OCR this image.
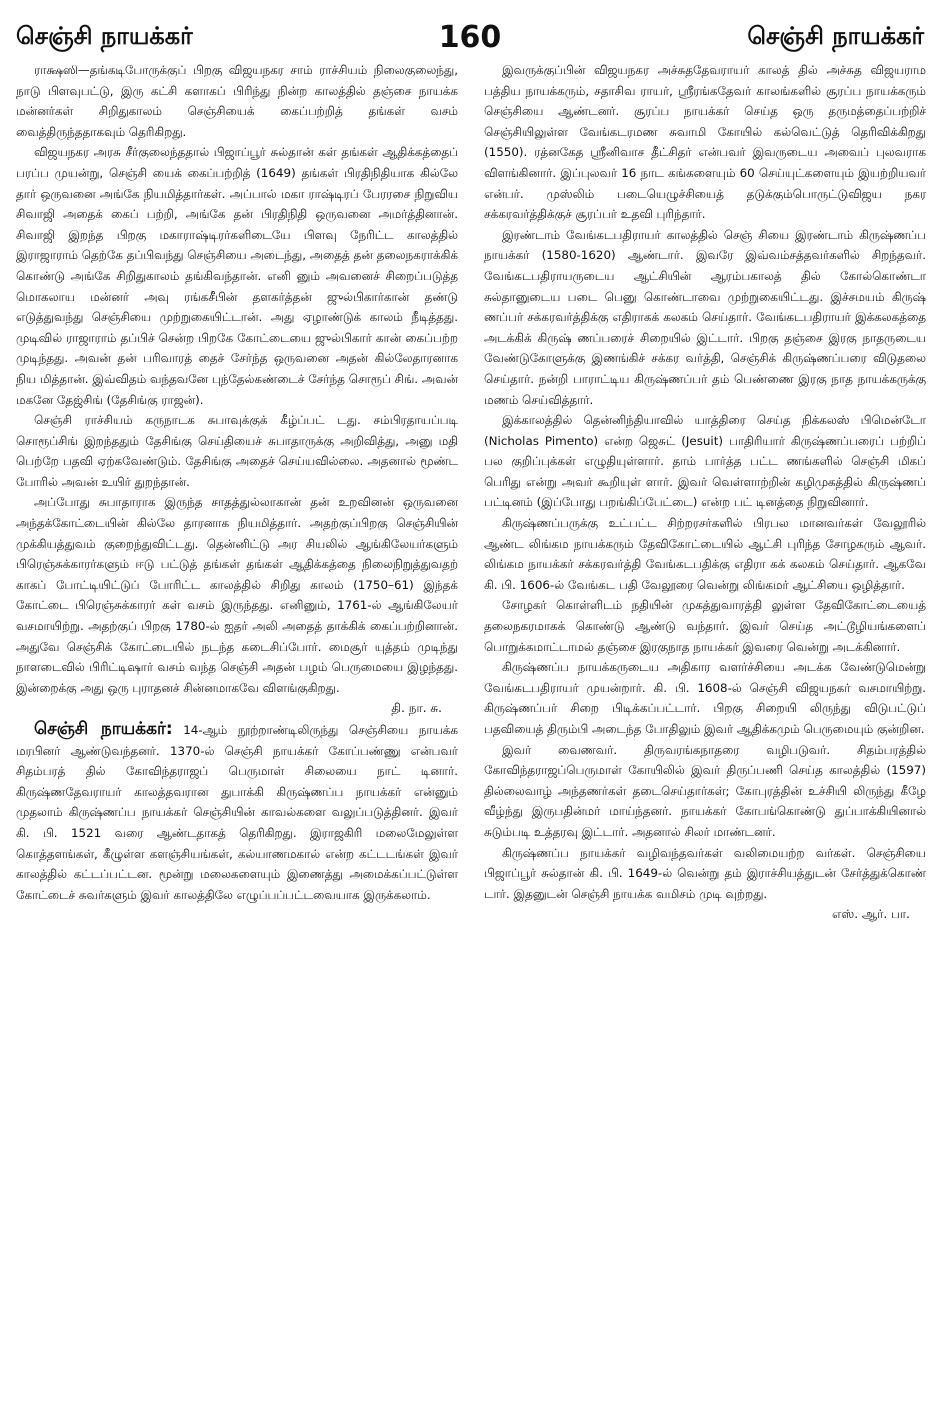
செஞ்சி நாயக்கர்	160	செஞ்சி நாயக்கர்

ராக்ஷஸி—தங்கடிபோருக்குப் பிறகு விஜயநகர சாம் ராச்சியம் நிலைகுலைந்து, நாடு பிளவுபட்டு, இரு கட்சி களாகப் பிரிந்து நின்ற காலத்தில் தஞ்சை நாயக்க மன்னர்கள் சிறிதுகாலம் செஞ்சியைக் கைப்பற்றித் தங்கள் வசம் வைத்திருந்ததாகவும் தெரிகிறது.

விஜயநகர அரசு சீர்குலைந்ததால் பிஜாப்பூர் சுல்தான் கள் தங்கள் ஆதிக்கத்தைப் பரப்ப முயன்று, செஞ்சி யைக் கைப்பற்றித் (1649) தங்கள் பிரதிநிதியாக கில்லே தார் ஒருவனை அங்கே நியமித்தார்கள். அப்பால் மகா ராஷ்டிரப் பேரரசை நிறுவிய சிவாஜி அதைக் கைப் பற்றி, அங்கே தன் பிரதிநிதி ஒருவனை அமர்த்தினான். சிவாஜி இறந்த பிறகு மகாராஷ்டிரர்களிடையே பிளவு நேரிட்ட காலத்தில் இராஜாராம் தெற்கே தப்பிவந்து செஞ்சியை அடைந்து, அதைத் தன் தலைநகராக்கிக் கொண்டு அங்கே சிறிதுகாலம் தங்கிவந்தான். எனி னும் அவனைச் சிறைப்படுத்த மொகலாய மன்னர் அவு ரங்கசீபின் தளகர்த்தன் ஜுல்பிகார்கான் தண்டு எடுத்துவந்து செஞ்சியை முற்றுகையிட்டான். அது ஏழாண்டுக் காலம் நீடித்தது. முடிவில் ராஜாராம் தப்பிச் சென்ற பிறகே கோட்டையை ஜுல்பிகார் கான் கைப்பற்ற முடிந்தது. அவன் தன் பரிவாரத் தைச் சேர்ந்த ஒருவனை அதன் கில்லேதாரனாக நிய மித்தான். இவ்விதம் வந்தவனே புந்தேல்கண்டைச் சேர்ந்த சொரூப் சிங். அவன் மகனே தேஜ்சிங் (தேசிங்கு ராஜன்).

செஞ்சி ராச்சியம் கருநாடக சுபாவுக்குக் கீழ்ப்பட் டது. சம்பிரதாயப்படி சொரூப்சிங் இறந்ததும் தேசிங்கு செய்தியைச் சுபாதாருக்கு அறிவித்து, அனு மதி பெற்றே பதவி ஏற்கவேண்டும். தேசிங்கு அதைச் செய்யவில்லை. அதனால் மூண்ட போரில் அவன் உயிர் துறந்தான்.

அப்போது சுபாதாராக இருந்த சாதத்துல்லாகான் தன் உறவினன் ஒருவனை அந்தக்கோட்டையின் கில்லே தாரனாக நியமித்தார். அதற்குப்பிறகு செஞ்சியின் முக்கியத்துவம் குறைந்துவிட்டது. தென்னிட்டு அர சியலில் ஆங்கிலேயர்களும் பிரெஞ்சுக்காரர்களும் ஈடு பட்டுத் தங்கள் தங்கள் ஆதிக்கத்தை நிலைநிறுத்துவதற் காகப் போட்டியிட்டுப் போரிட்ட காலத்தில் சிறிது காலம் (1750–61) இந்தக் கோட்டை பிரெஞ்சுக்காரர் கள் வசம் இருந்தது. எனினும், 1761-ல் ஆங்கிலேயர் வசமாயிற்று. அதற்குப் பிறகு 1780-ல் ஐதர் அலி அதைத் தாக்கிக் கைப்பற்றினான். அதுவே செஞ்சிக் கோட்டையில் நடந்த கடைசிப்போர். மைசூர் யுத்தம் முடிந்து நாளடைவில் பிரிட்டிஷார் வசம் வந்த செஞ்சி அதன் பழம் பெருமையை இழந்தது. இன்றைக்கு அது ஒரு புராதனச் சின்னமாகவே விளங்குகிறது.

தி. நா. சு.

செஞ்சி நாயக்கர்: 14-ஆம் நூற்றாண்டிலிருந்து செஞ்சியை நாயக்க மரபினர் ஆண்டுவந்தனர். 1370-ல் செஞ்சி நாயக்கர் கோப்பண்ணு என்பவர் சிதம்பரத் தில் கோவிந்தராஜப் பெருமாள் சிலையை நாட் டினார். கிருஷ்ணதேவராயர் காலத்தவரான துபாக்கி கிருஷ்ணப்ப நாயக்கர் என்னும் முதலாம் கிருஷ்ணப்ப நாயக்கர் செஞ்சியின் காவல்களை வலுப்படுத்தினர். இவர் கி. பி. 1521 வரை ஆண்டதாகத் தெரிகிறது. இராஜகிரி மலைமேலுள்ள கொத்தளங்கள், கீழுள்ள களஞ்சியங்கள், கல்யாணமகால் என்ற கட்டடங்கள் இவர் காலத்தில் கட்டப்பட்டன. மூன்று மலைகளையும் இணைத்து அமைக்கப்பட்டுள்ள கோட்டைச் சுவர்களும் இவர் காலத்திலே எழுப்பப்பட்டவையாக இருக்கலாம்.

இவருக்குப்பின் விஜயநகர அச்சுததேவராயர் காலத் தில் அச்சுத விஜயராம பத்திய நாயக்கரும், சதாசிவ ராயர், ஸ்ரீரங்கதேவர் காலங்களில் சூரப்ப நாயக்கரும் செஞ்சியை ஆண்டனர். சூரப்ப நாயக்கர் செய்த ஒரு தருமத்தைப்பற்றிச் செஞ்சியிலுள்ள வேங்கடரமண சுவாமி கோயில் கல்வெட்டுத் தெரிவிக்கிறது (1550). ரத்னகேத ஸ்ரீனிவாச தீட்சிதர் என்பவர் இவருடைய அவைப் புலவராக விளங்கினார். இப்புலவர் 16 நாட கங்களையும் 60 செய்யுட்களையும் இயற்றியவர் என்பர். முஸ்லிம் படையெழுச்சியைத் தடுக்கும்பொருட்டுவிஜய நகர சக்கரவர்த்திக்குச் சூரப்பர் உதவி புரிந்தார்.

இரண்டாம் வேங்கடபதிராயர் காலத்தில் செஞ் சியை இரண்டாம் கிருஷ்ணப்ப நாயக்கர் (1580-1620) ஆண்டார். இவரே இவ்வம்சத்தவர்களில் சிறந்தவர். வேங்கடபதிராயருடைய ஆட்சியின் ஆரம்பகாலத் தில் கோல்கொண்டா சுல்தானுடைய படை பெனு கொண்டாவை முற்றுகையிட்டது. இச்சமயம் கிருஷ் ணப்பர் சக்கரவர்த்திக்கு எதிராகக் கலகம் செய்தார். வேங்கடபதிராயர் இக்கலகத்தை அடக்கிக் கிருஷ் ணப்பரைச் சிறையில் இட்டார். பிறகு தஞ்சை இரகு நாதருடைய வேண்டுகோளுக்கு இணங்கிச் சக்கர வர்த்தி, செஞ்சிக் கிருஷ்ணப்பரை விடுதலை செய்தார். நன்றி பாராட்டிய கிருஷ்ணப்பர் தம் பெண்ணை இரகு நாத நாயக்கருக்கு மணம் செய்வித்தார்.

இக்காலத்தில் தென்னிந்தியாவில் யாத்திரை செய்த நிக்கலஸ் பிமென்டோ (Nicholas Pimento) என்ற ஜெசுட் (Jesuit) பாதிரியார் கிருஷ்ணப்பரைப் பற்றிப் பல குறிப்புக்கள் எழுதியுள்ளார். தாம் பார்த்த பட்ட ணங்களில் செஞ்சி மிகப் பெரிது என்று அவர் கூறியுள் ளார். இவர் வெள்ளாற்றின் கழிமுகத்தில் கிருஷ்ணப் பட்டினம் (இப்போது பறங்கிப்பேட்டை) என்ற பட் டினத்தை நிறுவினார்.

கிருஷ்ணப்பருக்கு உட்பட்ட சிற்றரசர்களில் பிரபல மானவர்கள் வேலூரில் ஆண்ட லிங்கம நாயக்கரும் தேவிகோட்டையில் ஆட்சி புரிந்த சோழகரும் ஆவர். லிங்கம நாயக்கர் சக்கரவர்த்தி வேங்கடபதிக்கு எதிரா கக் கலகம் செய்தார். ஆகவே கி. பி. 1606-ல் வேங்கட பதி வேலூரை வென்று லிங்கமர் ஆட்சியை ஒழித்தார்.

சோழகர் கொள்ளிடம் நதியின் முகத்துவாரத்தி லுள்ள தேவிகோட்டையைத் தலைநகரமாகக் கொண்டு ஆண்டு வந்தார். இவர் செய்த அட்டூழியங்களைப் பொறுக்கமாட்டாமல் தஞ்சை இரகுநாத நாயக்கர் இவரை வென்று அடக்கினார்.

கிருஷ்ணப்ப நாயக்கருடைய அதிகார வளர்ச்சியை அடக்க வேண்டுமென்று வேங்கடபதிராயர் முயன்றார். கி. பி. 1608-ல் செஞ்சி விஜயநகர் வசமாயிற்று. கிருஷ்ணப்பர் சிறை பிடிக்கப்பட்டார். பிறகு சிறையி லிருந்து விடுபட்டுப் பதவியைத் திரும்பி அடைந்த போதிலும் இவர் ஆதிக்கமும் பெருமையும் குன்றின.

இவர் வைணவர். திருவரங்கநாதரை வழிபடுவர். சிதம்பரத்தில் கோவிந்தராஜப்பெருமாள் கோயிலில் இவர் திருப்பணி செய்த காலத்தில் (1597) தில்லைவாழ் அந்தணர்கள் தடைசெய்தார்கள்; கோபுரத்தின் உச்சியி லிருந்து கீழே வீழ்ந்து இருபதின்மர் மாய்ந்தனர். நாயக்கர் கோபங்கொண்டு துப்பாக்கியினால் சுடும்படி உத்தரவு இட்டார். அதனால் சிலர் மாண்டனர்.

கிருஷ்ணப்ப நாயக்கர் வழிவந்தவர்கள் வலிமையற்ற வர்கள். செஞ்சியை பிஜாப்பூர் சுல்தான் கி. பி. 1649-ல் வென்று தம் இராச்சியத்துடன் சேர்த்துக்கொண் டார். இதனுடன் செஞ்சி நாயக்க வமிசம் முடி வுற்றது.

எஸ். ஆர். பா.
